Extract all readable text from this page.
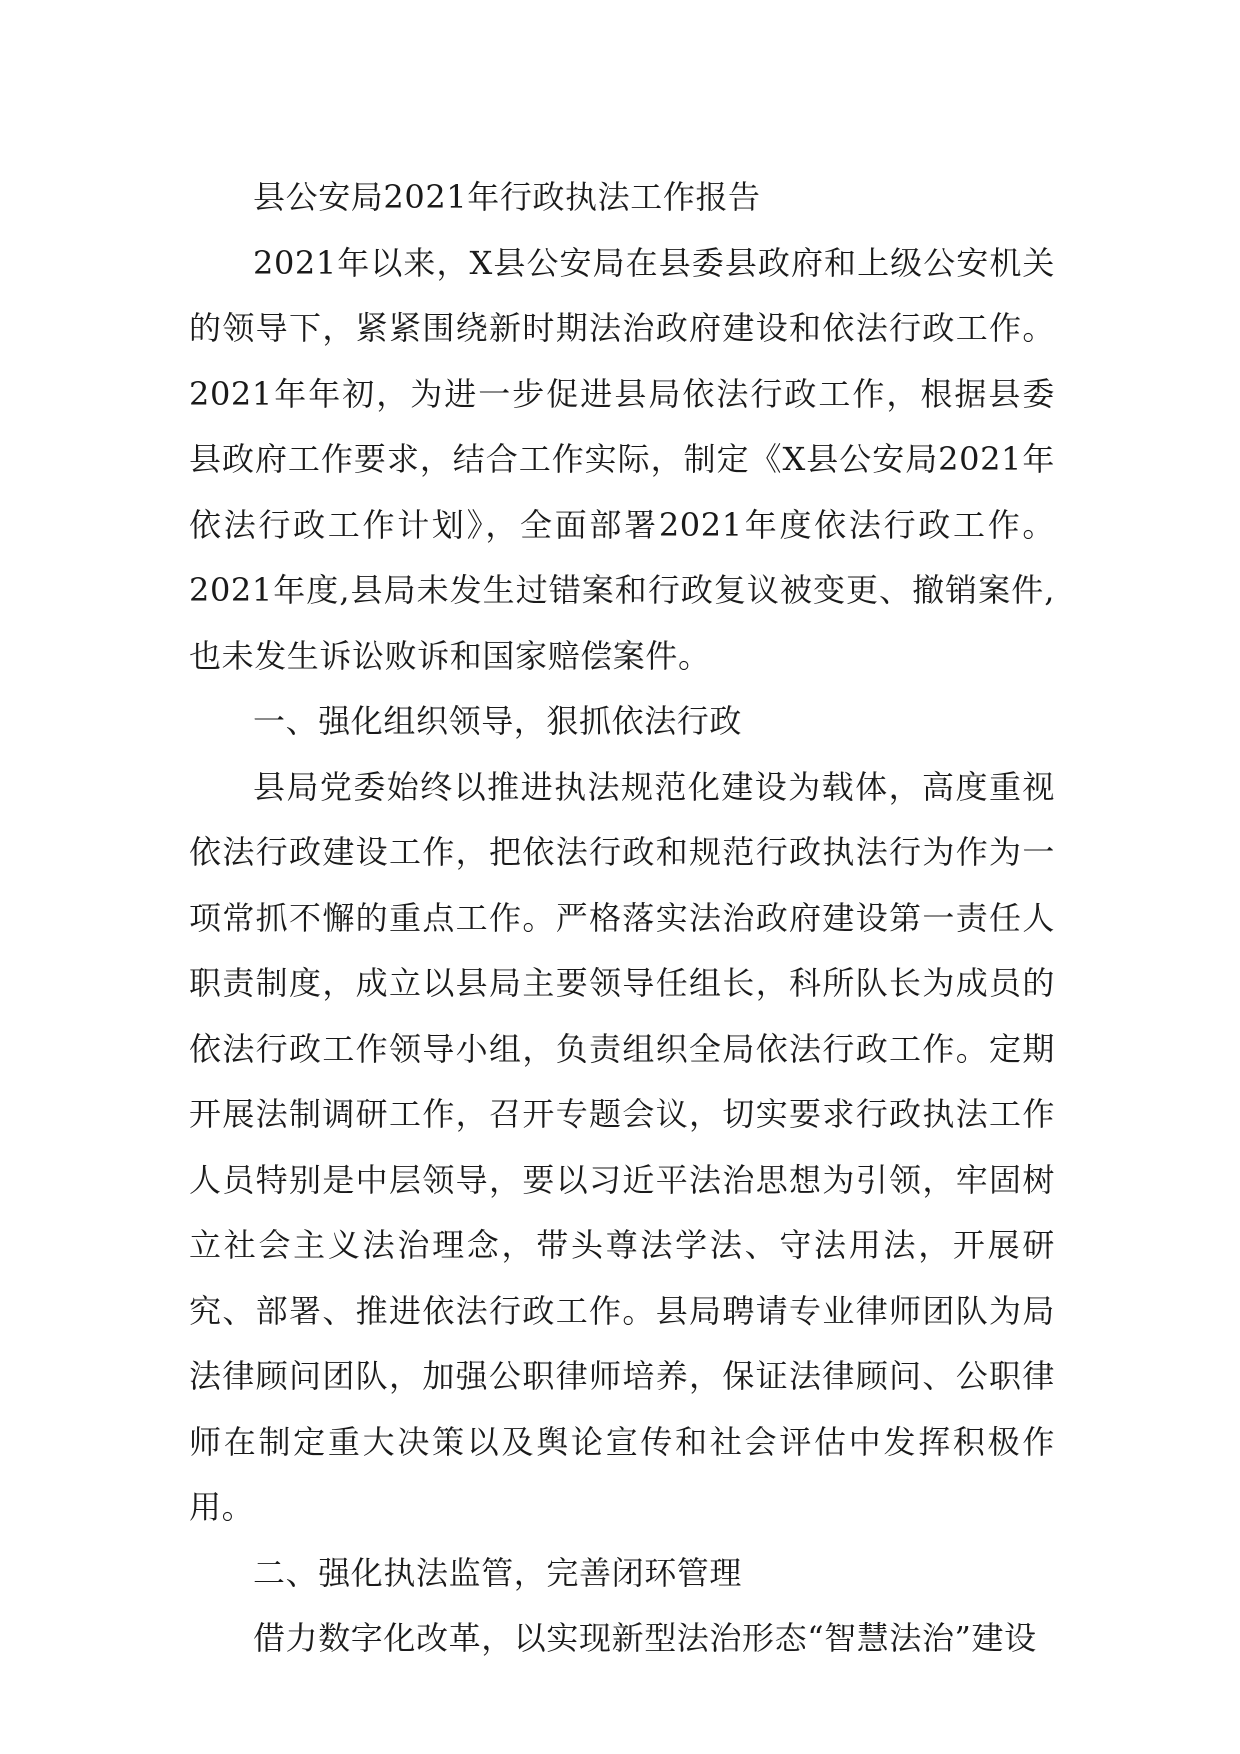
县公安局2021年行政执法工作报告

2021年以来，X县公安局在县委县政府和上级公安机关的领导下，紧紧围绕新时期法治政府建设和依法行政工作。2021年年初，为进一步促进县局依法行政工作，根据县委县政府工作要求，结合工作实际，制定《X县公安局2021年依法行政工作计划》，全面部署2021年度依法行政工作。2021年度,县局未发生过错案和行政复议被变更、撤销案件,也未发生诉讼败诉和国家赔偿案件。

一、强化组织领导，狠抓依法行政

县局党委始终以推进执法规范化建设为载体，高度重视依法行政建设工作，把依法行政和规范行政执法行为作为一项常抓不懈的重点工作。严格落实法治政府建设第一责任人职责制度，成立以县局主要领导任组长，科所队长为成员的依法行政工作领导小组，负责组织全局依法行政工作。定期开展法制调研工作，召开专题会议，切实要求行政执法工作人员特别是中层领导，要以习近平法治思想为引领，牢固树立社会主义法治理念，带头尊法学法、守法用法，开展研究、部署、推进依法行政工作。县局聘请专业律师团队为局法律顾问团队，加强公职律师培养，保证法律顾问、公职律师在制定重大决策以及舆论宣传和社会评估中发挥积极作用。

二、强化执法监管，完善闭环管理

借力数字化改革，以实现新型法治形态“智慧法治”建设
